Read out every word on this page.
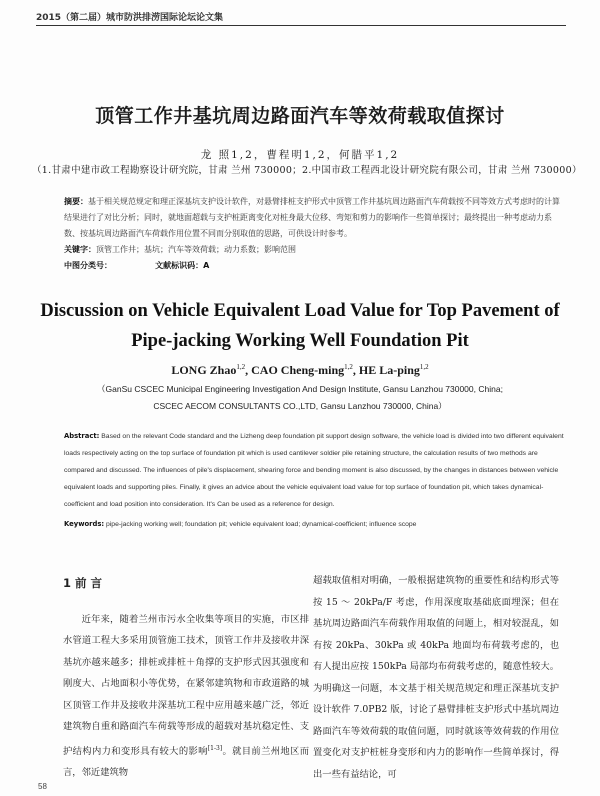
2015（第二届）城市防洪排涝国际论坛论文集
顶管工作井基坑周边路面汽车等效荷载取值探讨
龙 照1,2，曹程明1,2，何腊平1,2
（1.甘肃中建市政工程勘察设计研究院，甘肃 兰州 730000；2.中国市政工程西北设计研究院有限公司，甘肃 兰州 730000）

摘要：基于相关规范规定和理正深基坑支护设计软件，对悬臂排桩支护形式中顶管工作井基坑周边路面汽车荷载按不同等效方式考虑时的计算结果进行了对比分析；同时，就地面超载与支护桩距离变化对桩身最大位移、弯矩和剪力的影响作一些简单探讨；最终提出一种考虑动力系数、按基坑周边路面汽车荷载作用位置不同而分别取值的思路，可供设计时参考。

关键字：顶管工作井；基坑；汽车等效荷载；动力系数；影响范围

中图分类号：	文献标识码：A

Discussion on Vehicle Equivalent Load Value for Top Pavement of
Pipe-jacking Working Well Foundation Pit
LONG Zhao$^{1,2}$, CAO Cheng-ming$^{1,2}$, HE La-ping$^{1,2}$
（GanSu CSCEC Municipal Engineering Investigation And Design Institute, Gansu Lanzhou 730000, China;
CSCEC AECOM CONSULTANTS CO.,LTD, Gansu Lanzhou 730000, China）

Abstract: Based on the relevant Code standard and the Lizheng deep foundation pit support design software, the vehicle load is divided into two different equivalent loads respectively acting on the top surface of foundation pit which is used cantilever soldier pile retaining structure, the calculation results of two methods are compared and discussed. The influences of pile's displacement, shearing force and bending moment is also discussed, by the changes in distances between vehicle equivalent loads and supporting piles. Finally, it gives an advice about the vehicle equivalent load value for top surface of foundation pit, which takes dynamical-coefficient and load position into consideration. It's Can be used as a reference for design.

Keywords: pipe-jacking working well; foundation pit; vehicle equivalent load; dynamical-coefficient; influence scope

1 前 言

近年来，随着兰州市污水全收集等项目的实施，市区排水管道工程大多采用顶管施工技术，顶管工作井及接收井深基坑亦越来越多；排桩或排桩＋角撑的支护形式因其强度和刚度大、占地面积小等优势，在紧邻建筑物和市政道路的城区顶管工作井及接收井深基坑工程中应用越来越广泛，邻近建筑物自重和路面汽车荷载等形成的超载对基坑稳定性、支护结构内力和变形具有较大的影响[1-3]。就目前兰州地区而言，邻近建筑物

超载取值相对明确，一般根据建筑物的重要性和结构形式等按 15 ～ 20kPa/F 考虑，作用深度取基础底面埋深；但在基坑周边路面汽车荷载作用取值的问题上，相对较混乱，如有按 20kPa、30kPa 或 40kPa 地面均布荷载考虑的，也有人提出应按 150kPa 局部均布荷载考虑的，随意性较大。为明确这一问题，本文基于相关规范规定和理正深基坑支护设计软件 7.0PB2 版，讨论了悬臂排桩支护形式中基坑周边路面汽车等效荷载的取值问题，同时就该等效荷载的作用位置变化对支护桩桩身变形和内力的影响作一些简单探讨，得出一些有益结论，可

58
